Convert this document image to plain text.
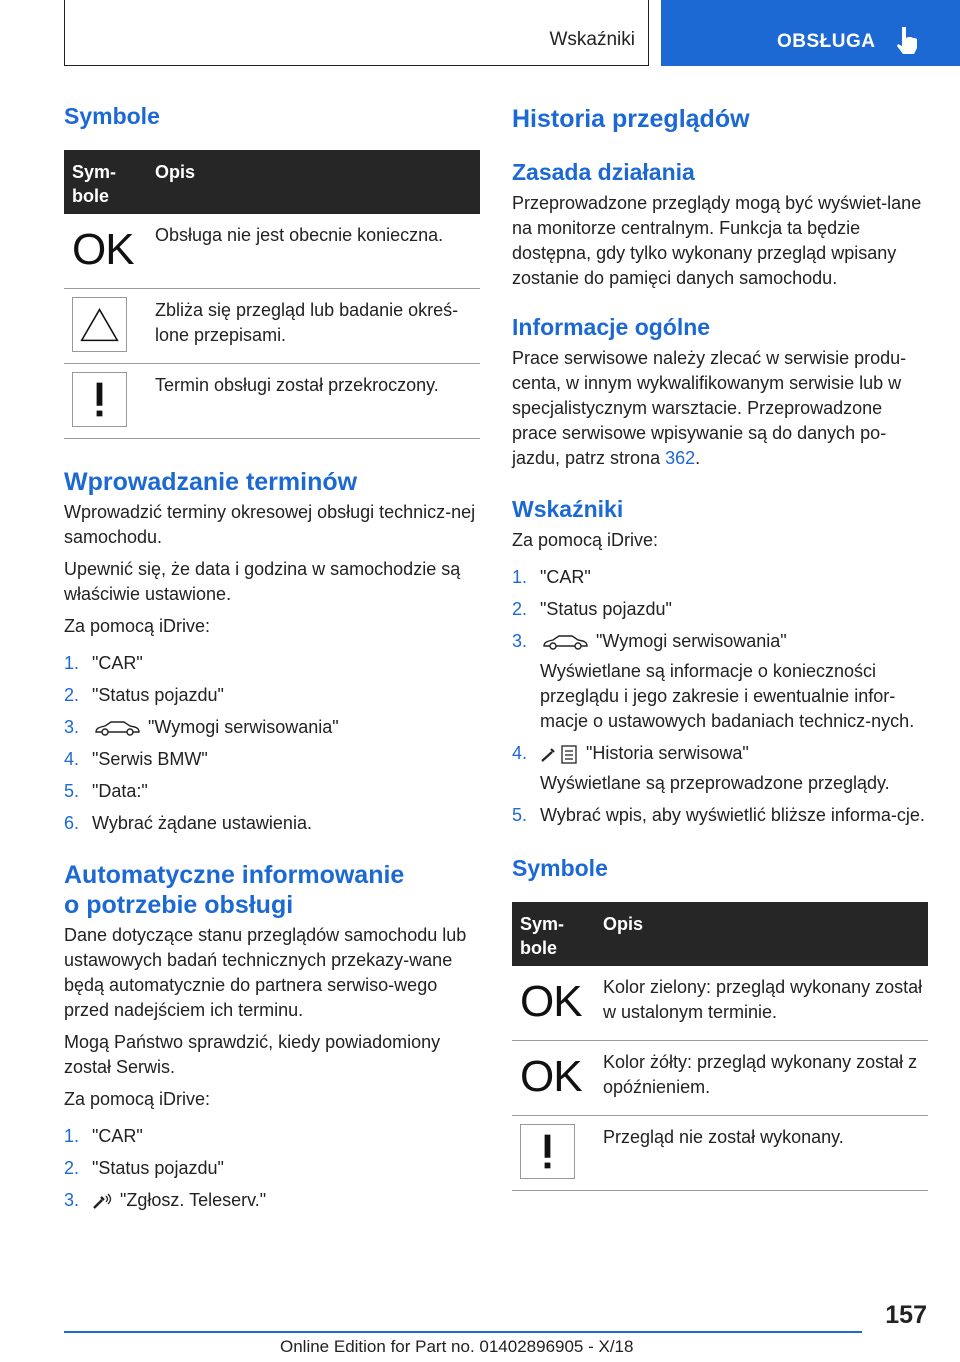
Wskaźniki	OBSŁUGA
Symbole
Sym-
bole
Opis
OK Obsługa nie jest obecnie konieczna.
Zbliża się przegląd lub badanie okreś-lone przepisami.
Termin obsługi został przekroczony.
Wprowadzanie terminów
Wprowadzić terminy okresowej obsługi technicz-nej samochodu.
Upewnić się, że data i godzina w samochodzie są właściwie ustawione.
Za pomocą iDrive:
1. "CAR"
2. "Status pojazdu"
3.	"Wymogi serwisowania"
4. "Serwis BMW"
5. "Data:"
6. Wybrać żądane ustawienia.
Automatyczne informowanie
o potrzebie obsługi
Dane dotyczące stanu przeglądów samochodu lub ustawowych badań technicznych przekazy-wane będą automatycznie do partnera serwiso-wego przed nadejściem ich terminu.
Mogą Państwo sprawdzić, kiedy powiadomiony został Serwis.
Za pomocą iDrive:
1. "CAR"
2. "Status pojazdu"
3. "Zgłosz. Teleserv."
Historia przeglądów
Zasada działania
Przeprowadzone przeglądy mogą być wyświet-lane na monitorze centralnym. Funkcja ta będzie dostępna, gdy tylko wykonany przegląd wpisany zostanie do pamięci danych samochodu.
Informacje ogólne
Prace serwisowe należy zlecać w serwisie produ-centa, w innym wykwalifikowanym serwisie lub w specjalistycznym warsztacie. Przeprowadzone prace serwisowe wpisywanie są do danych po-jazdu, patrz strona 362.
Wskaźniki
Za pomocą iDrive:
1. "CAR"
2. "Status pojazdu"
3.	"Wymogi serwisowania"
Wyświetlane są informacje o konieczności przeglądu i jego zakresie i ewentualnie infor-macje o ustawowych badaniach technicz-nych.
4.	"Historia serwisowa"
Wyświetlane są przeprowadzone przeglądy.
5. Wybrać wpis, aby wyświetlić bliższe informa-cje.
Symbole
Sym-
bole
Opis
OK Kolor zielony: przegląd wykonany został w ustalonym terminie.
OK Kolor żółty: przegląd wykonany został z opóźnieniem.
Przegląd nie został wykonany.
157
Online Edition for Part no. 01402896905 - X/18
